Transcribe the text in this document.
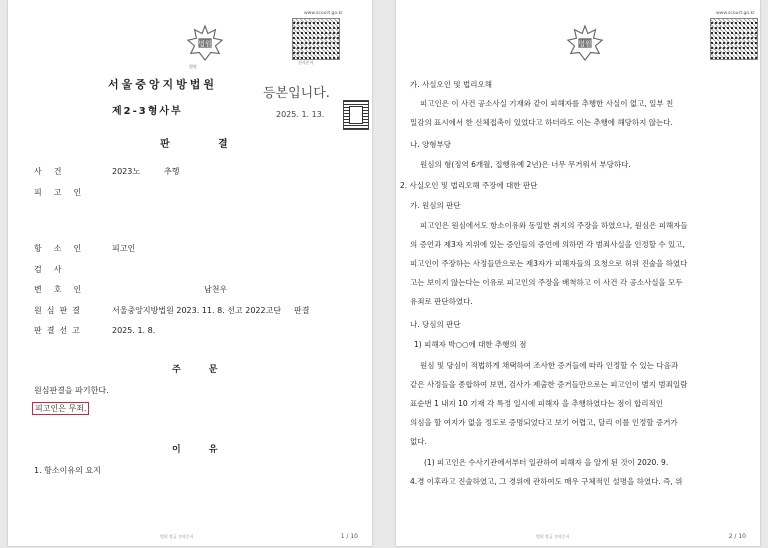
법원
법원
www.scourt.go.kr
전자문서
서울중앙지방법원
제2-3형사부
등본입니다.
2025. 1. 13.
판	결
사건	2023노	추행
피고인
항소인 피고인
검사
변호인	남천우
원심판결	서울중앙지방법원 2023. 11. 8. 선고 2022고단 판결
판결선고	2025. 1. 8.
주	문
원심판결을 파기한다.
피고인은 무죄.
이	유
1. 항소이유의 요지
법원 발급 전자문서	1 / 10
법원
www.scourt.go.kr
가. 사실오인 및 법리오해
피고인은 이 사건 공소사실 기재와 같이 피해자를 추행한 사실이 없고, 일부 친
밀감의 표시에서 한 신체접촉이 있었다고 하더라도 이는 추행에 해당하지 않는다.
나. 양형부당
원심의 형(징역 6개월, 집행유예 2년)은 너무 무거워서 부당하다.
2. 사실오인 및 법리오해 주장에 대한 판단
가. 원심의 판단
피고인은 원심에서도 항소이유와 동일한 취지의 주장을 하였으나, 원심은 피해자들
의 증언과 제3자 지위에 있는 증인들의 증언에 의하면 각 범죄사실을 인정할 수 있고,
피고인이 주장하는 사정들만으로는 제3자가 피해자들의 요청으로 허위 진술을 하였다
고는 보이지 않는다는 이유로 피고인의 주장을 배척하고 이 사건 각 공소사실을 모두
유죄로 판단하였다.
나. 당심의 판단
1) 피해자 박○○에 대한 추행의 점
원심 및 당심이 적법하게 채택하여 조사한 증거들에 따라 인정할 수 있는 다음과
같은 사정들을 종합하여 보면, 검사가 제출한 증거들만으로는 피고인이 별지 범죄일람
표순번 1 내지 10 기재 각 특정 일시에 피해자 을 추행하였다는 점이 합리적인
의심을 할 여지가 없을 정도로 증명되었다고 보기 어렵고, 달리 이를 인정할 증거가
없다.
(1) 피고인은 수사기관에서부터 일관하여 피해자 을 알게 된 것이 2020. 9.
4.경 이후라고 진술하였고, 그 경위에 관하여도 매우 구체적인 설명을 하였다. 즉, 위
법원 발급 전자문서	2 / 10
